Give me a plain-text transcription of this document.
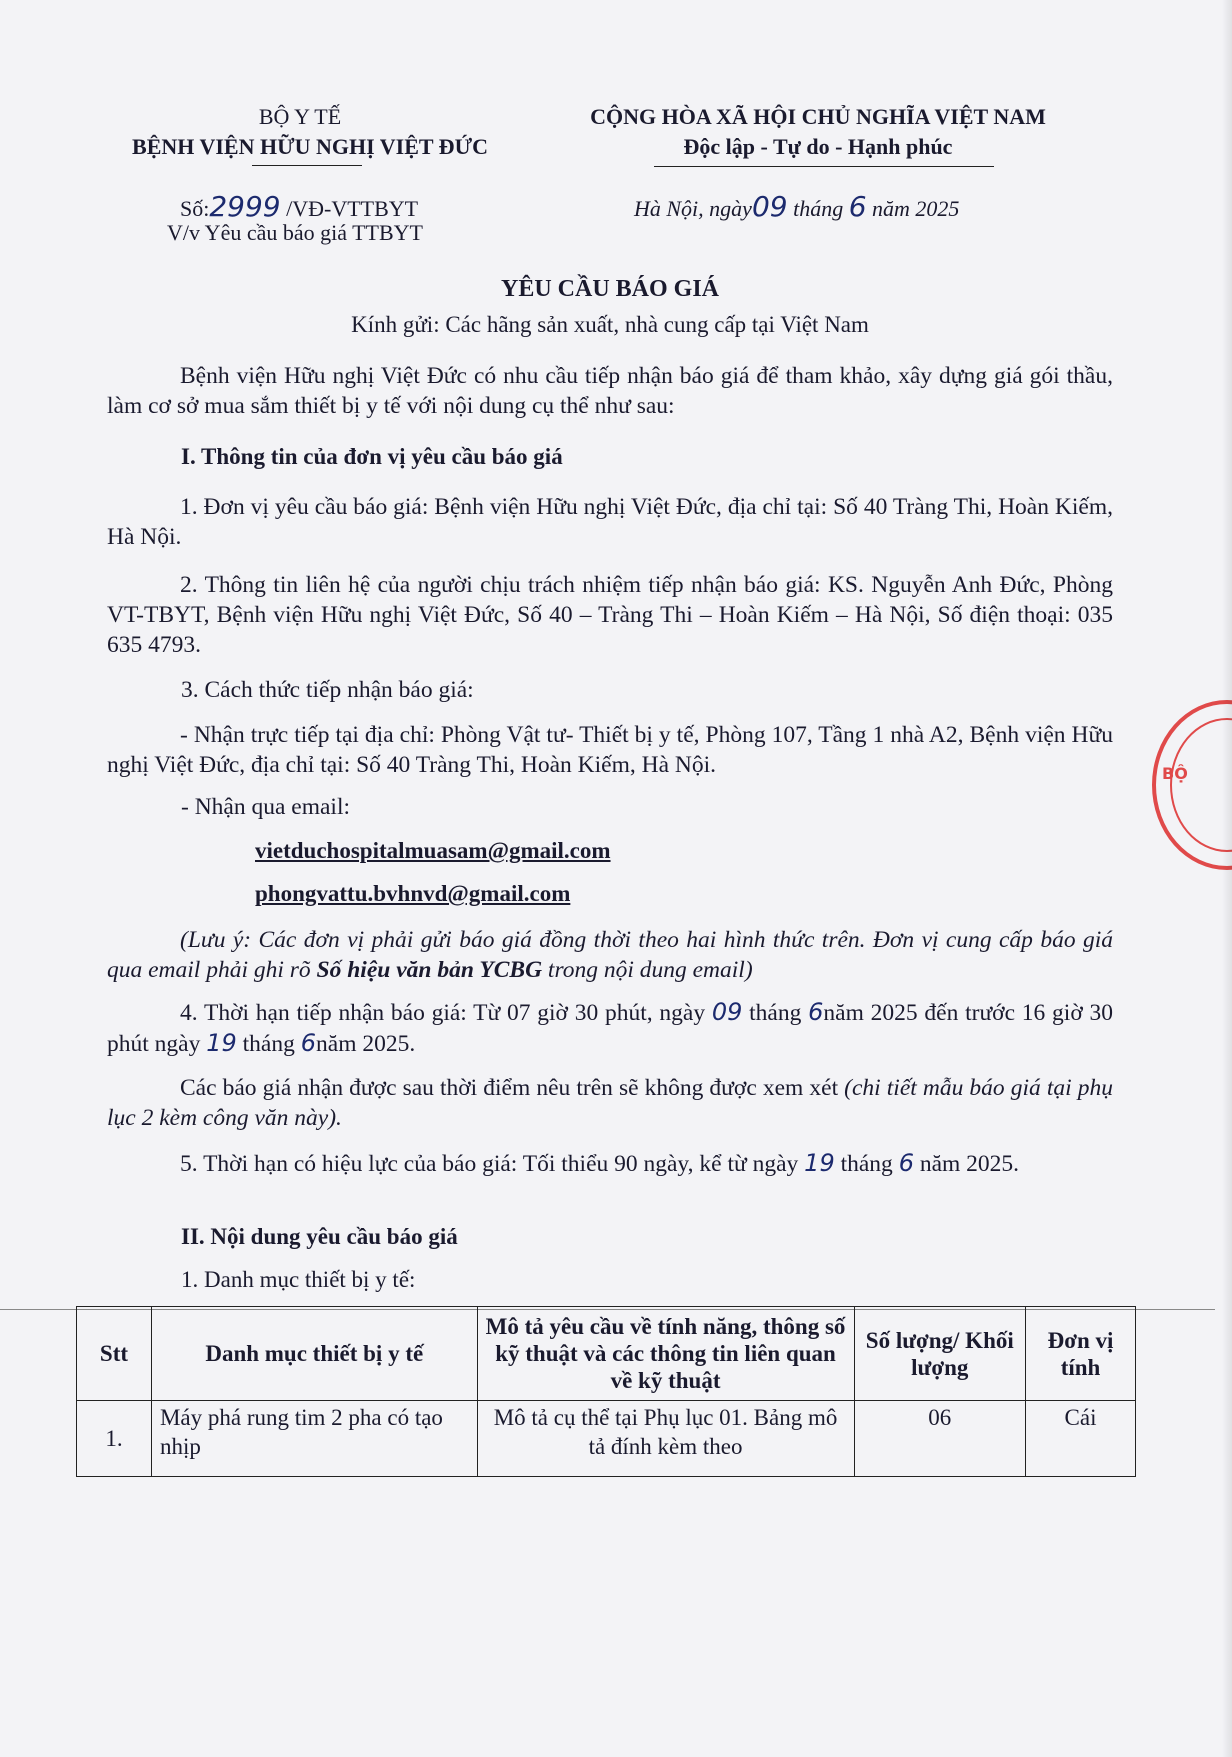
BỘ Y TẾ
BỆNH VIỆN HỮU NGHỊ VIỆT ĐỨC
CỘNG HÒA XÃ HỘI CHỦ NGHĨA VIỆT NAM
Độc lập - Tự do - Hạnh phúc
Số:2999 /VĐ-VTTBYT
V/v Yêu cầu báo giá TTBYT
Hà Nội, ngày09 tháng 6 năm 2025
YÊU CẦU BÁO GIÁ
Kính gửi: Các hãng sản xuất, nhà cung cấp tại Việt Nam
Bệnh viện Hữu nghị Việt Đức có nhu cầu tiếp nhận báo giá để tham khảo, xây dựng giá gói thầu, làm cơ sở mua sắm thiết bị y tế với nội dung cụ thể như sau:
I. Thông tin của đơn vị yêu cầu báo giá
1. Đơn vị yêu cầu báo giá: Bệnh viện Hữu nghị Việt Đức, địa chỉ tại: Số 40 Tràng Thi, Hoàn Kiếm, Hà Nội.
2. Thông tin liên hệ của người chịu trách nhiệm tiếp nhận báo giá: KS. Nguyễn Anh Đức, Phòng VT-TBYT, Bệnh viện Hữu nghị Việt Đức, Số 40 – Tràng Thi – Hoàn Kiếm – Hà Nội, Số điện thoại: 035 635 4793.
3. Cách thức tiếp nhận báo giá:
- Nhận trực tiếp tại địa chỉ: Phòng Vật tư- Thiết bị y tế, Phòng 107, Tầng 1 nhà A2, Bệnh viện Hữu nghị Việt Đức, địa chỉ tại: Số 40 Tràng Thi, Hoàn Kiếm, Hà Nội.
- Nhận qua email:
vietduchospitalmuasam@gmail.com
phongvattu.bvhnvd@gmail.com
(Lưu ý: Các đơn vị phải gửi báo giá đồng thời theo hai hình thức trên. Đơn vị cung cấp báo giá qua email phải ghi rõ Số hiệu văn bản YCBG trong nội dung email)
4. Thời hạn tiếp nhận báo giá: Từ 07 giờ 30 phút, ngày 09 tháng 6năm 2025 đến trước 16 giờ 30 phút ngày 19 tháng 6năm 2025.
Các báo giá nhận được sau thời điểm nêu trên sẽ không được xem xét (chi tiết mẫu báo giá tại phụ lục 2 kèm công văn này).
5. Thời hạn có hiệu lực của báo giá: Tối thiểu 90 ngày, kể từ ngày 19 tháng 6 năm 2025.
II. Nội dung yêu cầu báo giá
1. Danh mục thiết bị y tế:
Stt	Danh mục thiết bị y tế	Mô tả yêu cầu về tính năng, thông số kỹ thuật và các thông tin liên quan về kỹ thuật	Số lượng/ Khối lượng	Đơn vị tính
1.	Máy phá rung tim 2 pha có tạo nhịp	Mô tả cụ thể tại Phụ lục 01. Bảng mô tả đính kèm theo	06	Cái
BỘ
